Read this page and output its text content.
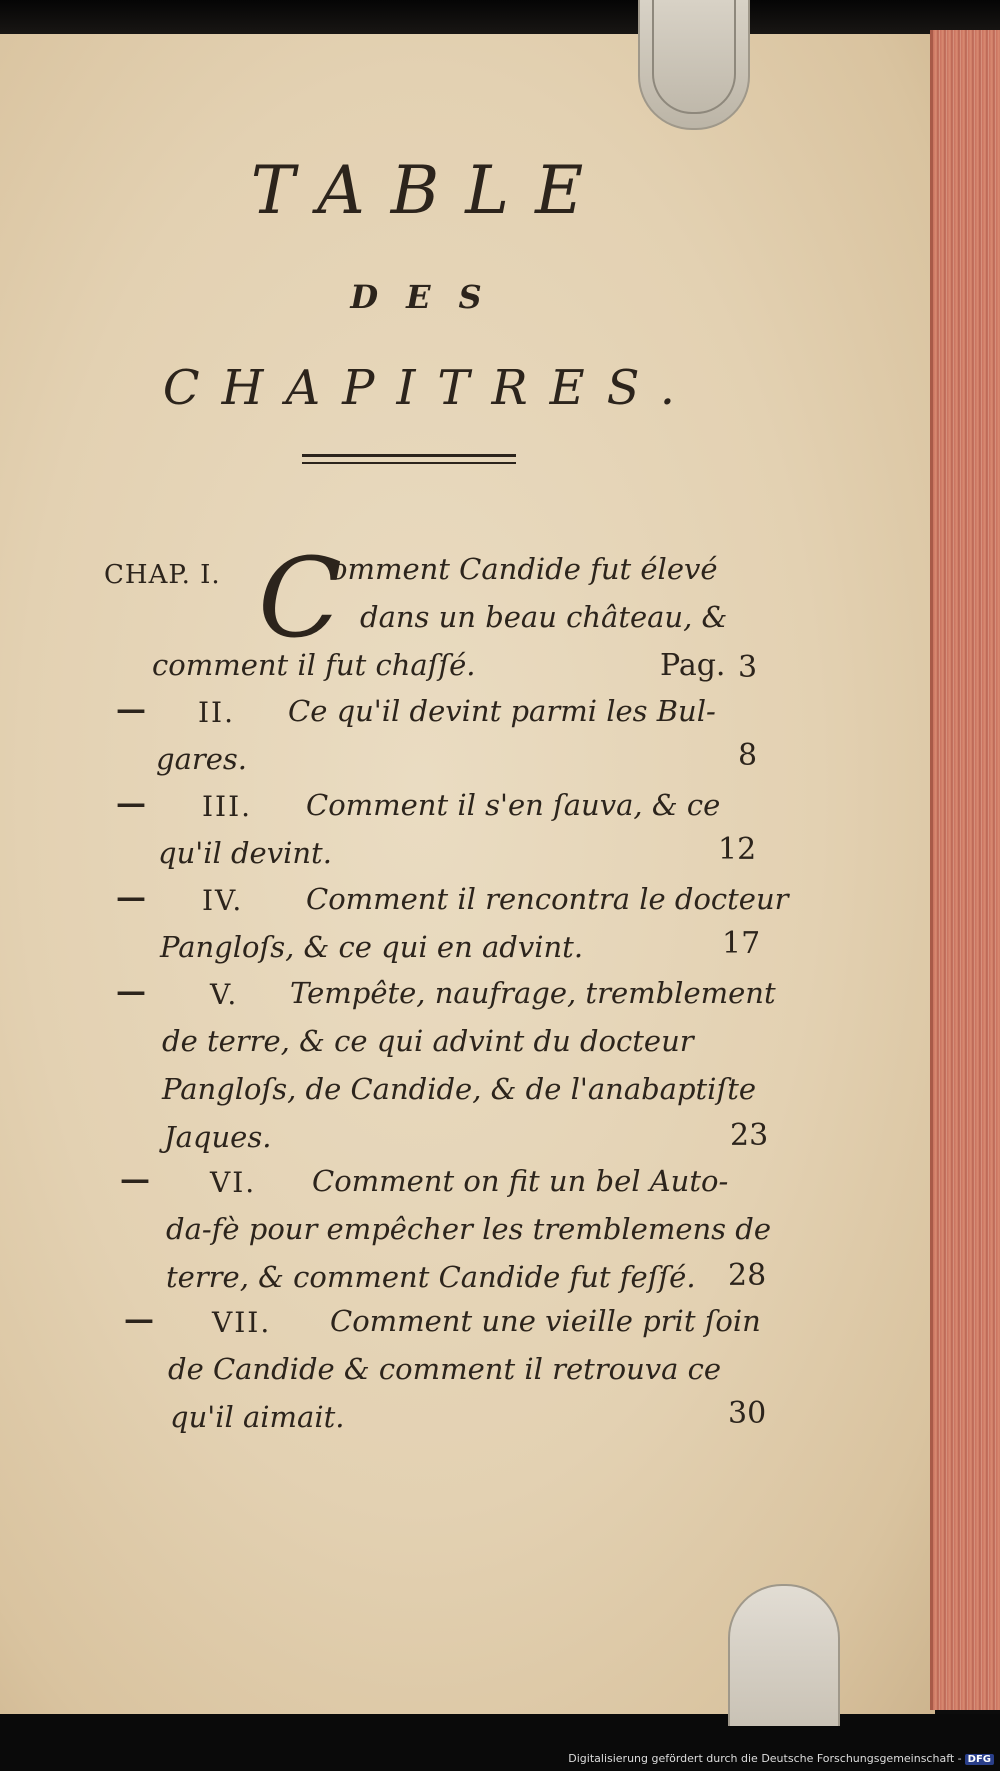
TABLE
DES
CHAPITRES.
CHAP. I. C
omment Candide fut élevé
dans un beau château, &
comment il fut chaſſé.	Pag. 3
— II. Ce qu'il devint parmi les Bul-
gares.	8
— III. Comment il s'en ſauva, & ce
qu'il devint.	12
— IV. Comment il rencontra le docteur
Pangloſs, & ce qui en advint.	17
— V. Tempête, naufrage, tremblement
de terre, & ce qui advint du docteur
Pangloſs, de Candide, & de l'anabaptiſte
Jaques.	23
— VI. Comment on fit un bel Auto-
da-fè pour empêcher les tremblemens de
terre, & comment Candide fut feſſé. 28
— VII. Comment une vieille prit ſoin
de Candide & comment il retrouva ce
qu'il aimait.	30
Digitalisierung gefördert durch die Deutsche Forschungsgemeinschaft - DFG
